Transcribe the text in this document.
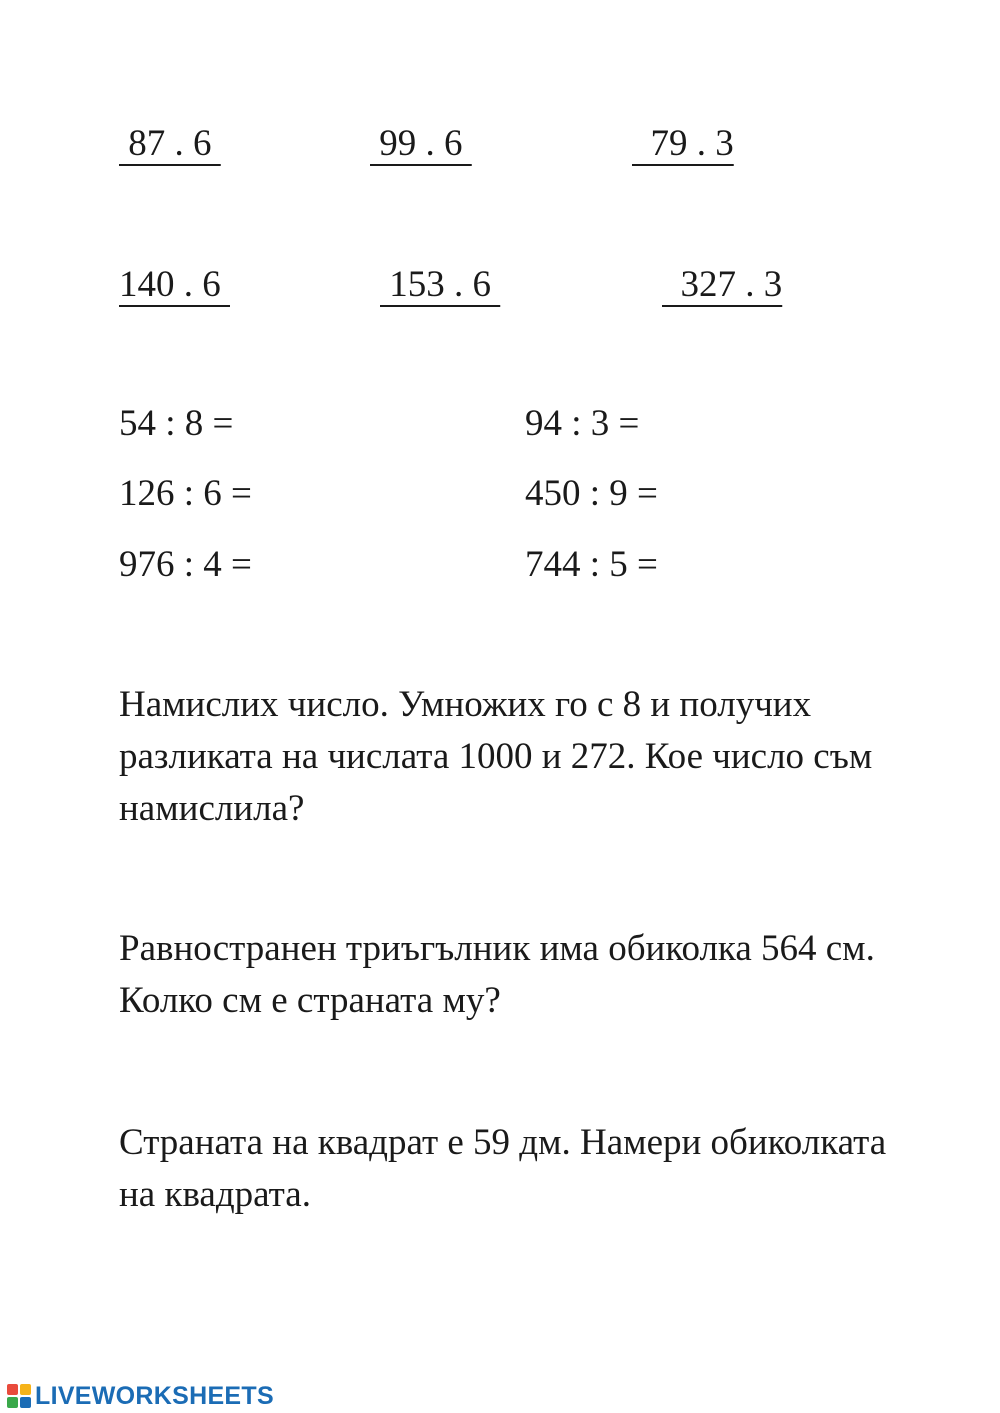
87 . 6	99 . 6	79 . 3
140 . 6	153 . 6	327 . 3
54 : 8 =	94 : 3 =
126 : 6 =	450 : 9 =
976 : 4 =	744 : 5 =

Намислих число. Умножих го с 8 и получих разликата на числата 1000 и 272. Кое число съм намислила?

Равностранен триъгълник има обиколка 564 см. Колко см е страната му?

Страната на квадрат е 59 дм. Намери обиколката на квадрата.

LIVEWORKSHEETS
